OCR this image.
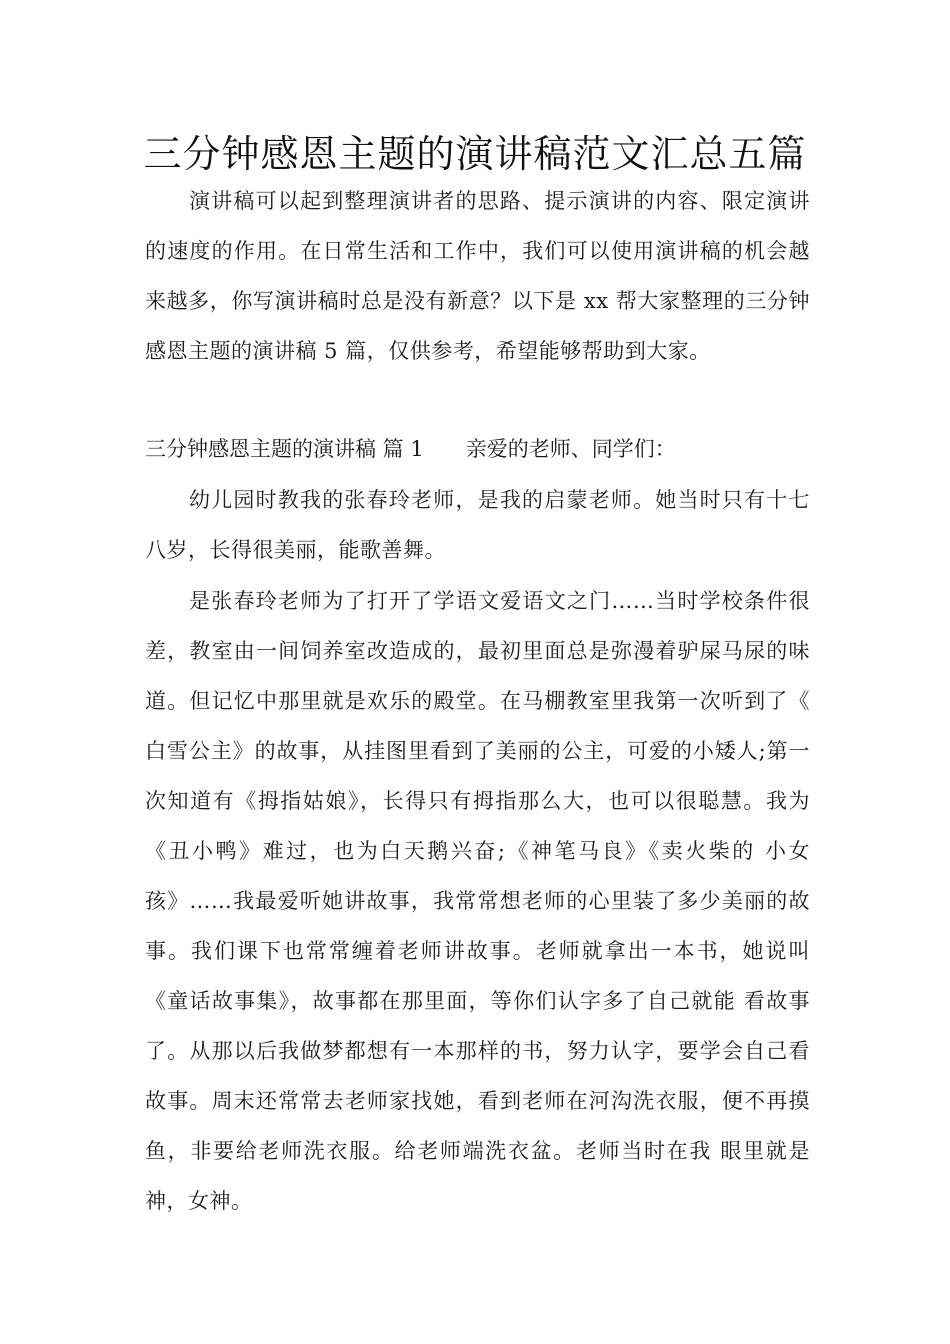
三分钟感恩主题的演讲稿范文汇总五篇
演讲稿可以起到整理演讲者的思路、提示演讲的内容、限定演讲的速度的作用。在日常生活和工作中，我们可以使用演讲稿的机会越来越多，你写演讲稿时总是没有新意？以下是 xx 帮大家整理的三分钟感恩主题的演讲稿 5 篇，仅供参考，希望能够帮助到大家。
三分钟感恩主题的演讲稿 篇 1 亲爱的老师、同学们：
幼儿园时教我的张春玲老师，是我的启蒙老师。她当时只有十七八岁，长得很美丽，能歌善舞。
是张春玲老师为了打开了学语文爱语文之门……当时学校条件很差，教室由一间饲养室改造成的，最初里面总是弥漫着驴屎马尿的味道。但记忆中那里就是欢乐的殿堂。在马棚教室里我第一次听到了《 白雪公主》的故事，从挂图里看到了美丽的公主，可爱的小矮人;第一次知道有《拇指姑娘》，长得只有拇指那么大，也可以很聪慧。我为《丑小鸭》难过，也为白天鹅兴奋;《神笔马良》《卖火柴的 小女孩》……我最爱听她讲故事，我常常想老师的心里装了多少美丽的故事。我们课下也常常缠着老师讲故事。老师就拿出一本书，她说叫《童话故事集》，故事都在那里面，等你们认字多了自己就能 看故事了。从那以后我做梦都想有一本那样的书，努力认字，要学会自己看故事。周末还常常去老师家找她，看到老师在河沟洗衣服，便不再摸鱼，非要给老师洗衣服。给老师端洗衣盆。老师当时在我 眼里就是神，女神。
